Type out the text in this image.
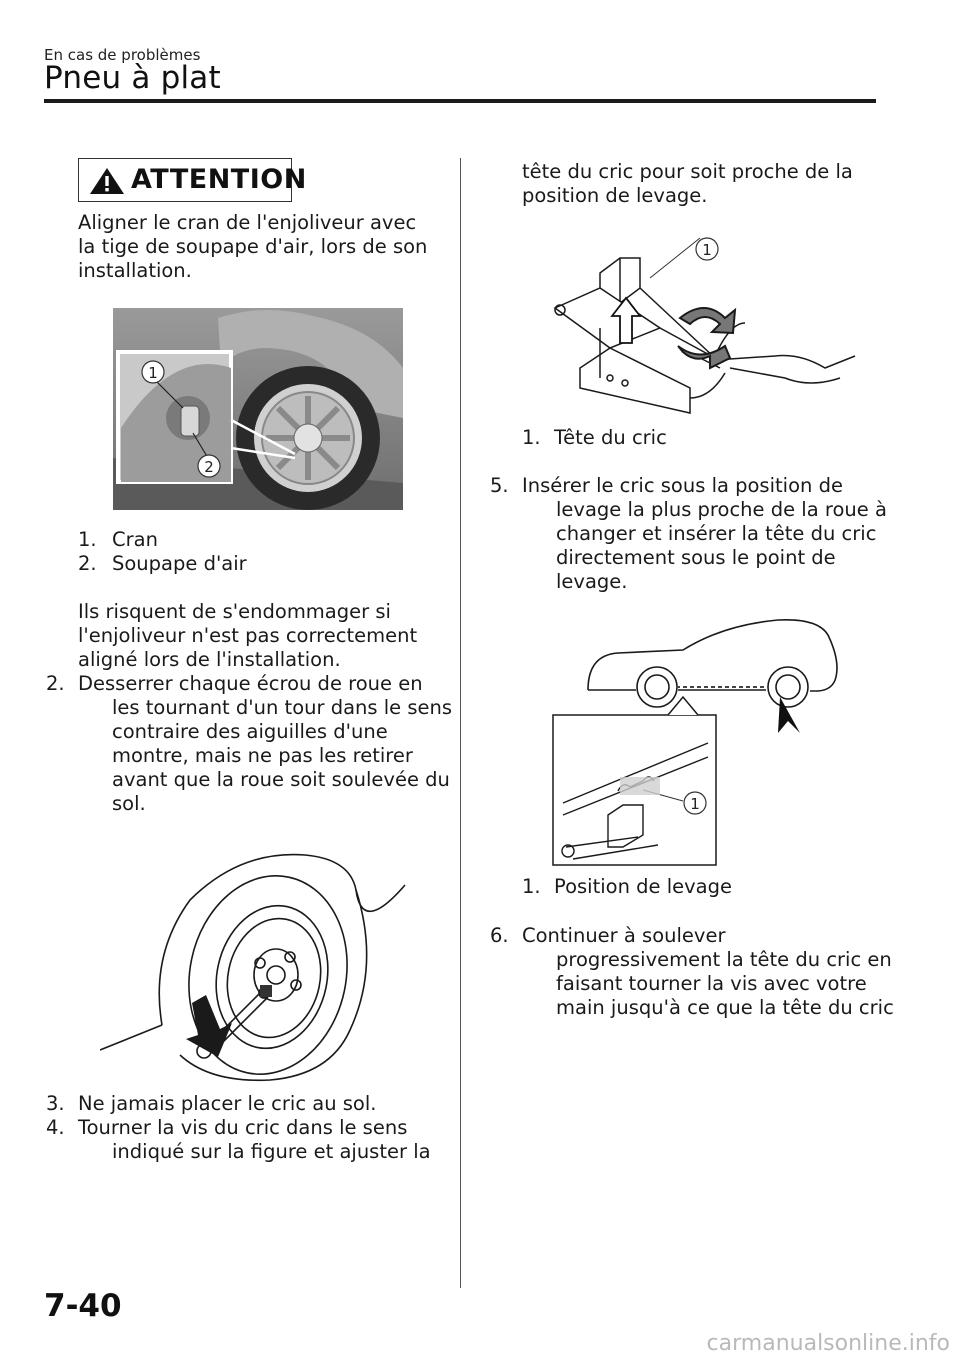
En cas de problèmes
Pneu à plat
ATTENTION
Aligner le cran de l'enjoliveur avec
la tige de soupape d'air, lors de son
installation.
1
2
1. Cran
2. Soupape d'air
Ils risquent de s'endommager si
l'enjoliveur n'est pas correctement
aligné lors de l'installation.
2. Desserrer chaque écrou de roue en
les tournant d'un tour dans le sens
contraire des aiguilles d'une
montre, mais ne pas les retirer
avant que la roue soit soulevée du
sol.
3. Ne jamais placer le cric au sol.
4. Tourner la vis du cric dans le sens
indiqué sur la figure et ajuster la
tête du cric pour soit proche de la
position de levage.
1
1. Tête du cric
5. Insérer le cric sous la position de
levage la plus proche de la roue à
changer et insérer la tête du cric
directement sous le point de
levage.
1
1. Position de levage
6. Continuer à soulever
progressivement la tête du cric en
faisant tourner la vis avec votre
main jusqu'à ce que la tête du cric
7-40
carmanualsonline.info
